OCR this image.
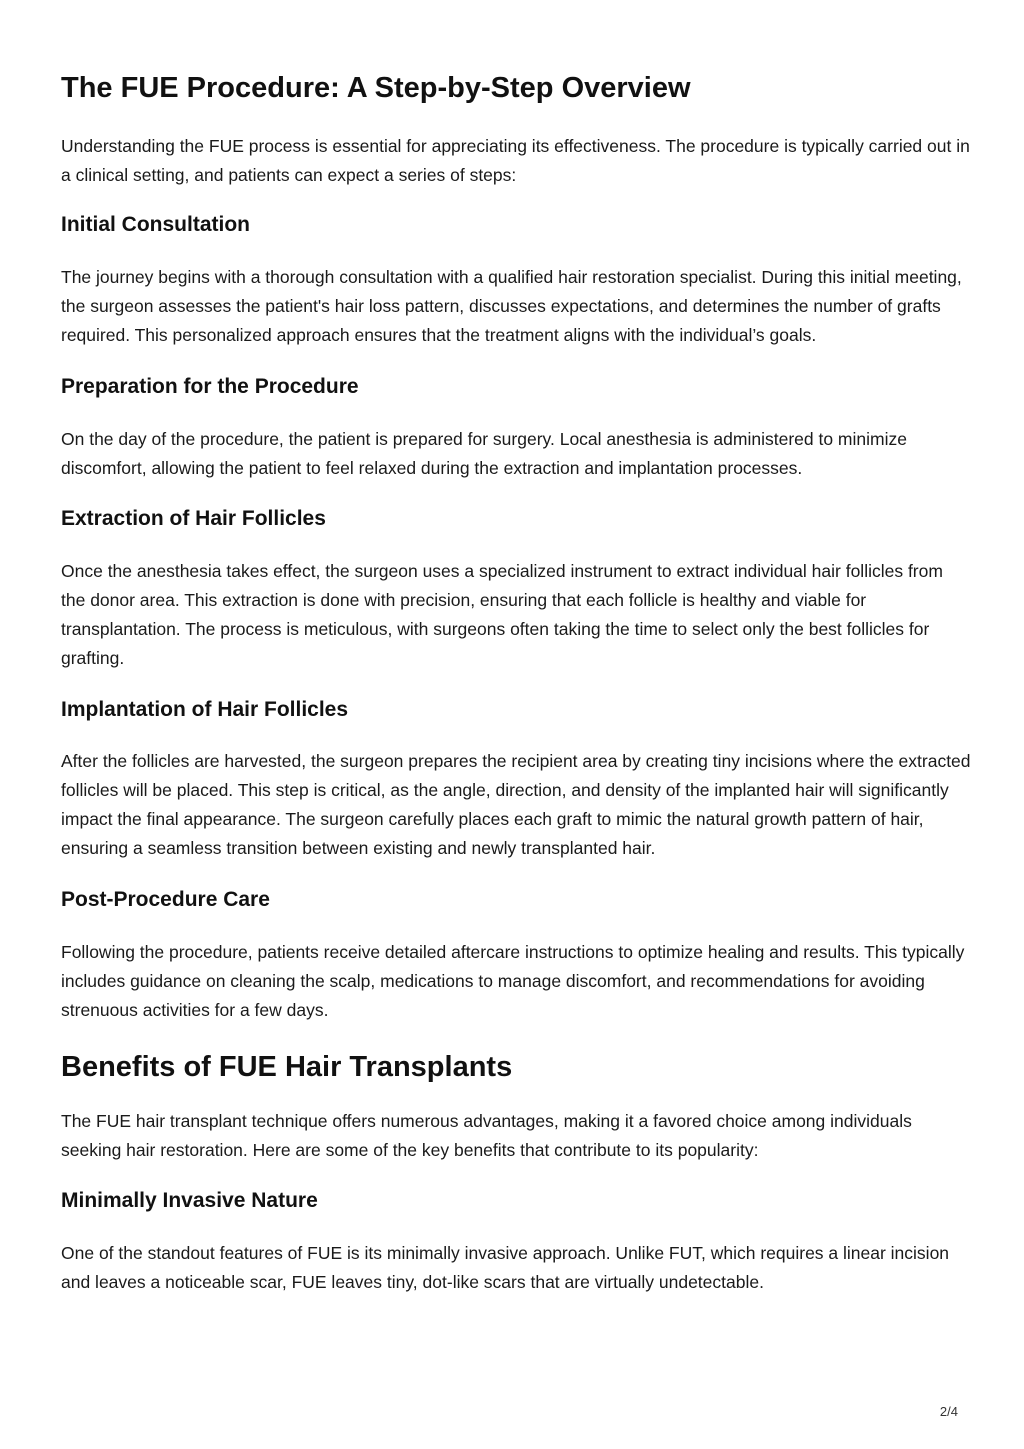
The FUE Procedure: A Step-by-Step Overview

Understanding the FUE process is essential for appreciating its effectiveness. The procedure is typically carried out in a clinical setting, and patients can expect a series of steps:

Initial Consultation

The journey begins with a thorough consultation with a qualified hair restoration specialist. During this initial meeting, the surgeon assesses the patient's hair loss pattern, discusses expectations, and determines the number of grafts required. This personalized approach ensures that the treatment aligns with the individual’s goals.

Preparation for the Procedure

On the day of the procedure, the patient is prepared for surgery. Local anesthesia is administered to minimize discomfort, allowing the patient to feel relaxed during the extraction and implantation processes.

Extraction of Hair Follicles

Once the anesthesia takes effect, the surgeon uses a specialized instrument to extract individual hair follicles from the donor area. This extraction is done with precision, ensuring that each follicle is healthy and viable for transplantation. The process is meticulous, with surgeons often taking the time to select only the best follicles for grafting.

Implantation of Hair Follicles

After the follicles are harvested, the surgeon prepares the recipient area by creating tiny incisions where the extracted follicles will be placed. This step is critical, as the angle, direction, and density of the implanted hair will significantly impact the final appearance. The surgeon carefully places each graft to mimic the natural growth pattern of hair, ensuring a seamless transition between existing and newly transplanted hair.

Post-Procedure Care

Following the procedure, patients receive detailed aftercare instructions to optimize healing and results. This typically includes guidance on cleaning the scalp, medications to manage discomfort, and recommendations for avoiding strenuous activities for a few days.

Benefits of FUE Hair Transplants

The FUE hair transplant technique offers numerous advantages, making it a favored choice among individuals seeking hair restoration. Here are some of the key benefits that contribute to its popularity:

Minimally Invasive Nature

One of the standout features of FUE is its minimally invasive approach. Unlike FUT, which requires a linear incision and leaves a noticeable scar, FUE leaves tiny, dot-like scars that are virtually undetectable.

2/4
